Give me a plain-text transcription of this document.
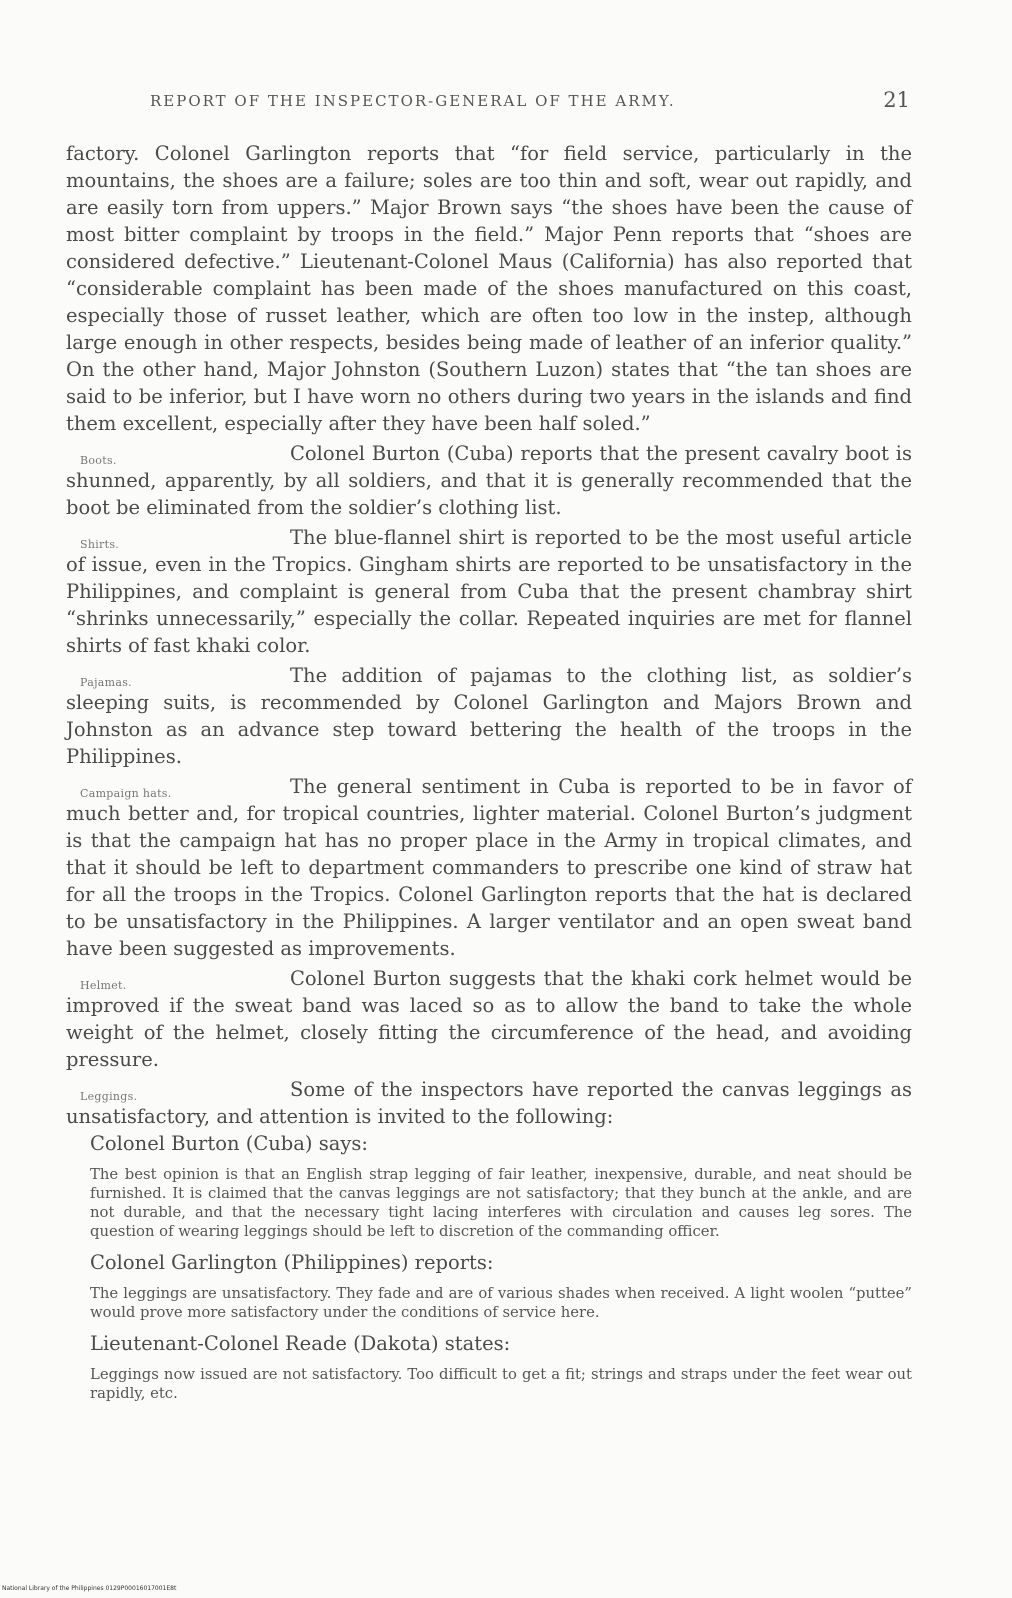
REPORT OF THE INSPECTOR-GENERAL OF THE ARMY.	21

factory. Colonel Garlington reports that “for field service, particularly in the mountains, the shoes are a failure; soles are too thin and soft, wear out rapidly, and are easily torn from uppers.” Major Brown says “the shoes have been the cause of most bitter complaint by troops in the field.” Major Penn reports that “shoes are considered defective.” Lieutenant-Colonel Maus (California) has also reported that “considerable complaint has been made of the shoes manufactured on this coast, especially those of russet leather, which are often too low in the instep, although large enough in other respects, besides being made of leather of an inferior quality.” On the other hand, Major Johnston (Southern Luzon) states that “the tan shoes are said to be inferior, but I have worn no others during two years in the islands and find them excellent, especially after they have been half soled.”

Boots.	Colonel Burton (Cuba) reports that the present cavalry boot is shunned, apparently, by all soldiers, and that it is generally recommended that the boot be eliminated from the soldier’s clothing list.

Shirts.	The blue-flannel shirt is reported to be the most useful article of issue, even in the Tropics. Gingham shirts are reported to be unsatisfactory in the Philippines, and complaint is general from Cuba that the present chambray shirt “shrinks unnecessarily,” especially the collar. Repeated inquiries are met for flannel shirts of fast khaki color.

Pajamas.	The addition of pajamas to the clothing list, as soldier’s sleeping suits, is recommended by Colonel Garlington and Majors Brown and Johnston as an advance step toward bettering the health of the troops in the Philippines.

Campaign hats.	The general sentiment in Cuba is reported to be in favor of much better and, for tropical countries, lighter material. Colonel Burton’s judgment is that the campaign hat has no proper place in the Army in tropical climates, and that it should be left to department commanders to prescribe one kind of straw hat for all the troops in the Tropics. Colonel Garlington reports that the hat is declared to be unsatisfactory in the Philippines. A larger ventilator and an open sweat band have been suggested as improvements.

Helmet.	Colonel Burton suggests that the khaki cork helmet would be improved if the sweat band was laced so as to allow the band to take the whole weight of the helmet, closely fitting the circumference of the head, and avoiding pressure.

Leggings.	Some of the inspectors have reported the canvas leggings as unsatisfactory, and attention is invited to the following:

Colonel Burton (Cuba) says:

The best opinion is that an English strap legging of fair leather, inexpensive, durable, and neat should be furnished. It is claimed that the canvas leggings are not satisfactory; that they bunch at the ankle, and are not durable, and that the necessary tight lacing interferes with circulation and causes leg sores. The question of wearing leggings should be left to discretion of the commanding officer.

Colonel Garlington (Philippines) reports:

The leggings are unsatisfactory. They fade and are of various shades when received. A light woolen “puttee” would prove more satisfactory under the conditions of service here.

Lieutenant-Colonel Reade (Dakota) states:

Leggings now issued are not satisfactory. Too difficult to get a fit; strings and straps under the feet wear out rapidly, etc.
National Library of the Philippines 0129P00016017001E8t
